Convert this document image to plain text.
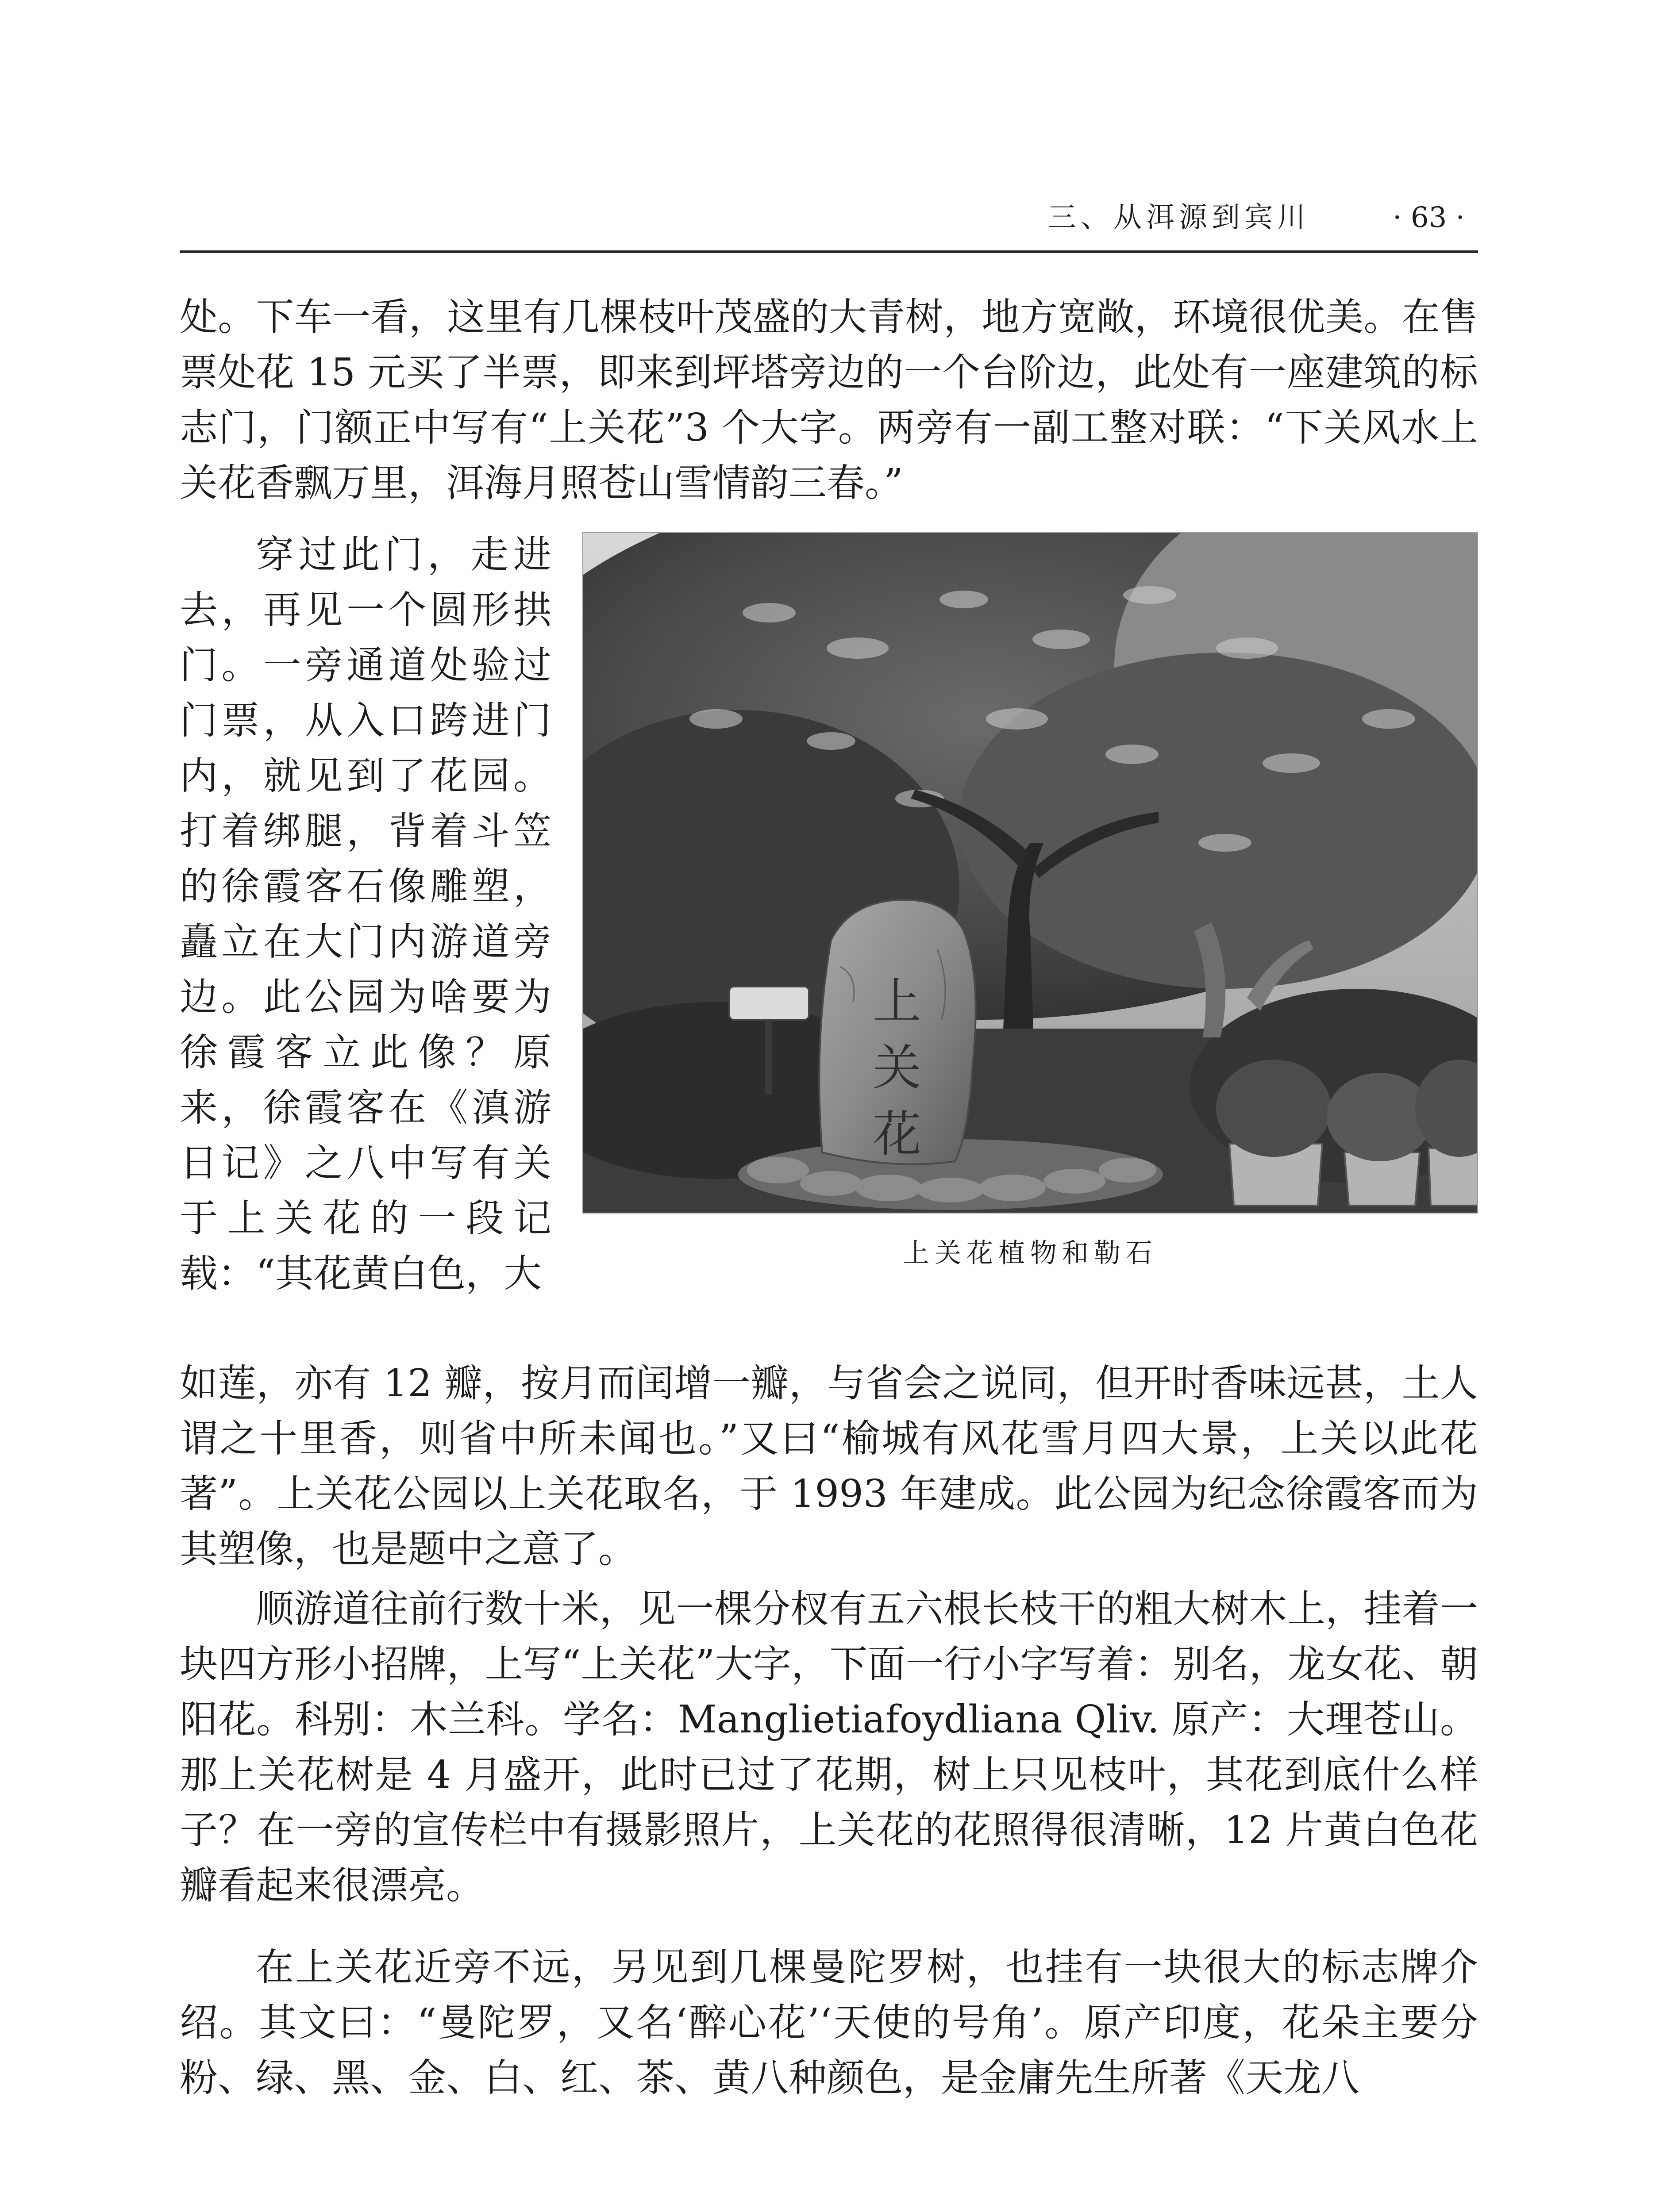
三、从洱源到宾川	· 63 ·

处。下车一看，这里有几棵枝叶茂盛的大青树，地方宽敞，环境很优美。在售票处花 15 元买了半票，即来到坪塔旁边的一个台阶边，此处有一座建筑的标志门，门额正中写有“上关花”3 个大字。两旁有一副工整对联：“下关风水上关花香飘万里，洱海月照苍山雪情韵三春。”

穿过此门，走进去，再见一个圆形拱门。一旁通道处验过门票，从入口跨进门内，就见到了花园。打着绑腿，背着斗笠的徐霞客石像雕塑，矗立在大门内游道旁边。此公园为啥要为徐霞客立此像？原来，徐霞客在《滇游日记》之八中写有关于上关花的一段记载：“其花黄白色，大

上关花
上关花植物和勒石

如莲，亦有 12 瓣，按月而闰增一瓣，与省会之说同，但开时香味远甚，土人谓之十里香，则省中所未闻也。”又曰“榆城有风花雪月四大景，上关以此花著”。上关花公园以上关花取名，于 1993 年建成。此公园为纪念徐霞客而为其塑像，也是题中之意了。

顺游道往前行数十米，见一棵分杈有五六根长枝干的粗大树木上，挂着一块四方形小招牌，上写“上关花”大字，下面一行小字写着：别名，龙女花、朝阳花。科别：木兰科。学名：Manglietiafoydliana Qliv. 原产：大理苍山。那上关花树是 4 月盛开，此时已过了花期，树上只见枝叶，其花到底什么样子？在一旁的宣传栏中有摄影照片，上关花的花照得很清晰，12 片黄白色花瓣看起来很漂亮。

在上关花近旁不远，另见到几棵曼陀罗树，也挂有一块很大的标志牌介绍。其文曰：“曼陀罗，又名‘醉心花’‘天使的号角’。原产印度，花朵主要分粉、绿、黑、金、白、红、茶、黄八种颜色，是金庸先生所著《天龙八
